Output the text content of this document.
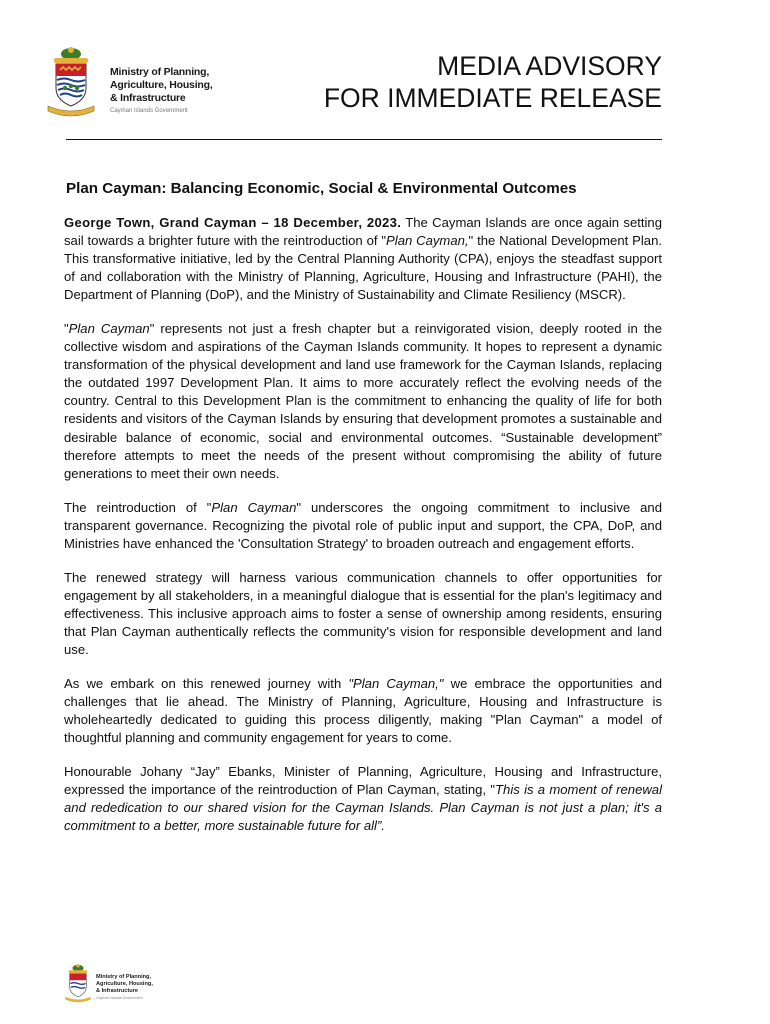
Ministry of Planning,
Agriculture, Housing,
& Infrastructure
Cayman Islands Government
MEDIA ADVISORY
FOR IMMEDIATE RELEASE
Plan Cayman: Balancing Economic, Social & Environmental Outcomes

George Town, Grand Cayman – 18 December, 2023. The Cayman Islands are once again setting sail towards a brighter future with the reintroduction of "Plan Cayman," the National Development Plan. This transformative initiative, led by the Central Planning Authority (CPA), enjoys the steadfast support of and collaboration with the Ministry of Planning, Agriculture, Housing and Infrastructure (PAHI), the Department of Planning (DoP), and the Ministry of Sustainability and Climate Resiliency (MSCR).

"Plan Cayman" represents not just a fresh chapter but a reinvigorated vision, deeply rooted in the collective wisdom and aspirations of the Cayman Islands community. It hopes to represent a dynamic transformation of the physical development and land use framework for the Cayman Islands, replacing the outdated 1997 Development Plan. It aims to more accurately reflect the evolving needs of the country. Central to this Development Plan is the commitment to enhancing the quality of life for both residents and visitors of the Cayman Islands by ensuring that development promotes a sustainable and desirable balance of economic, social and environmental outcomes. “Sustainable development” therefore attempts to meet the needs of the present without compromising the ability of future generations to meet their own needs.

The reintroduction of "Plan Cayman" underscores the ongoing commitment to inclusive and transparent governance. Recognizing the pivotal role of public input and support, the CPA, DoP, and Ministries have enhanced the 'Consultation Strategy' to broaden outreach and engagement efforts.

The renewed strategy will harness various communication channels to offer opportunities for engagement by all stakeholders, in a meaningful dialogue that is essential for the plan's legitimacy and effectiveness. This inclusive approach aims to foster a sense of ownership among residents, ensuring that Plan Cayman authentically reflects the community's vision for responsible development and land use.

As we embark on this renewed journey with "Plan Cayman," we embrace the opportunities and challenges that lie ahead. The Ministry of Planning, Agriculture, Housing and Infrastructure is wholeheartedly dedicated to guiding this process diligently, making "Plan Cayman" a model of thoughtful planning and community engagement for years to come.

Honourable Johany “Jay” Ebanks, Minister of Planning, Agriculture, Housing and Infrastructure, expressed the importance of the reintroduction of Plan Cayman, stating, "This is a moment of renewal and rededication to our shared vision for the Cayman Islands. Plan Cayman is not just a plan; it's a commitment to a better, more sustainable future for all”.

Ministry of Planning,
Agriculture, Housing,
& Infrastructure
Cayman Islands Government
